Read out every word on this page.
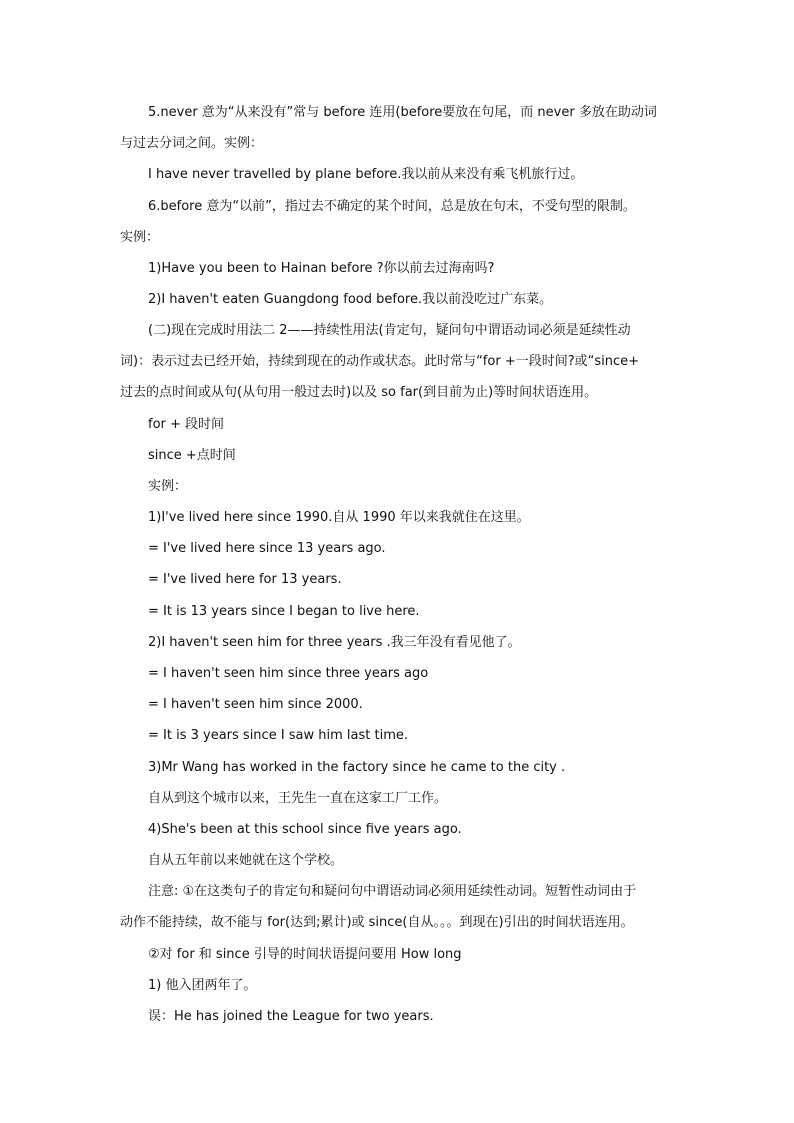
5.never 意为“从来没有”常与 before 连用(before要放在句尾，而 never 多放在助动词
与过去分词之间。实例：
I have never travelled by plane before.我以前从来没有乘飞机旅行过。
6.before 意为“以前”，指过去不确定的某个时间，总是放在句末，不受句型的限制。
实例：
1)Have you been to Hainan before ?你以前去过海南吗?
2)I haven't eaten Guangdong food before.我以前没吃过广东菜。
(二)现在完成时用法二 2——持续性用法(肯定句，疑问句中谓语动词必须是延续性动
词)：表示过去已经开始，持续到现在的动作或状态。此时常与“for +一段时间?或“since+
过去的点时间或从句(从句用一般过去时)以及 so far(到目前为止)等时间状语连用。
for + 段时间
since +点时间
实例：
1)I've lived here since 1990.自从 1990 年以来我就住在这里。
= I've lived here since 13 years ago.
= I've lived here for 13 years.
= It is 13 years since I began to live here.
2)I haven't seen him for three years .我三年没有看见他了。
= I haven't seen him since three years ago
= I haven't seen him since 2000.
= It is 3 years since I saw him last time.
3)Mr Wang has worked in the factory since he came to the city .
自从到这个城市以来，王先生一直在这家工厂工作。
4)She's been at this school since five years ago.
自从五年前以来她就在这个学校。
注意: ①在这类句子的肯定句和疑问句中谓语动词必须用延续性动词。短暂性动词由于
动作不能持续，故不能与 for(达到;累计)或 since(自从。。。到现在)引出的时间状语连用。
②对 for 和 since 引导的时间状语提问要用 How long
1) 他入团两年了。
误：He has joined the League for two years.
